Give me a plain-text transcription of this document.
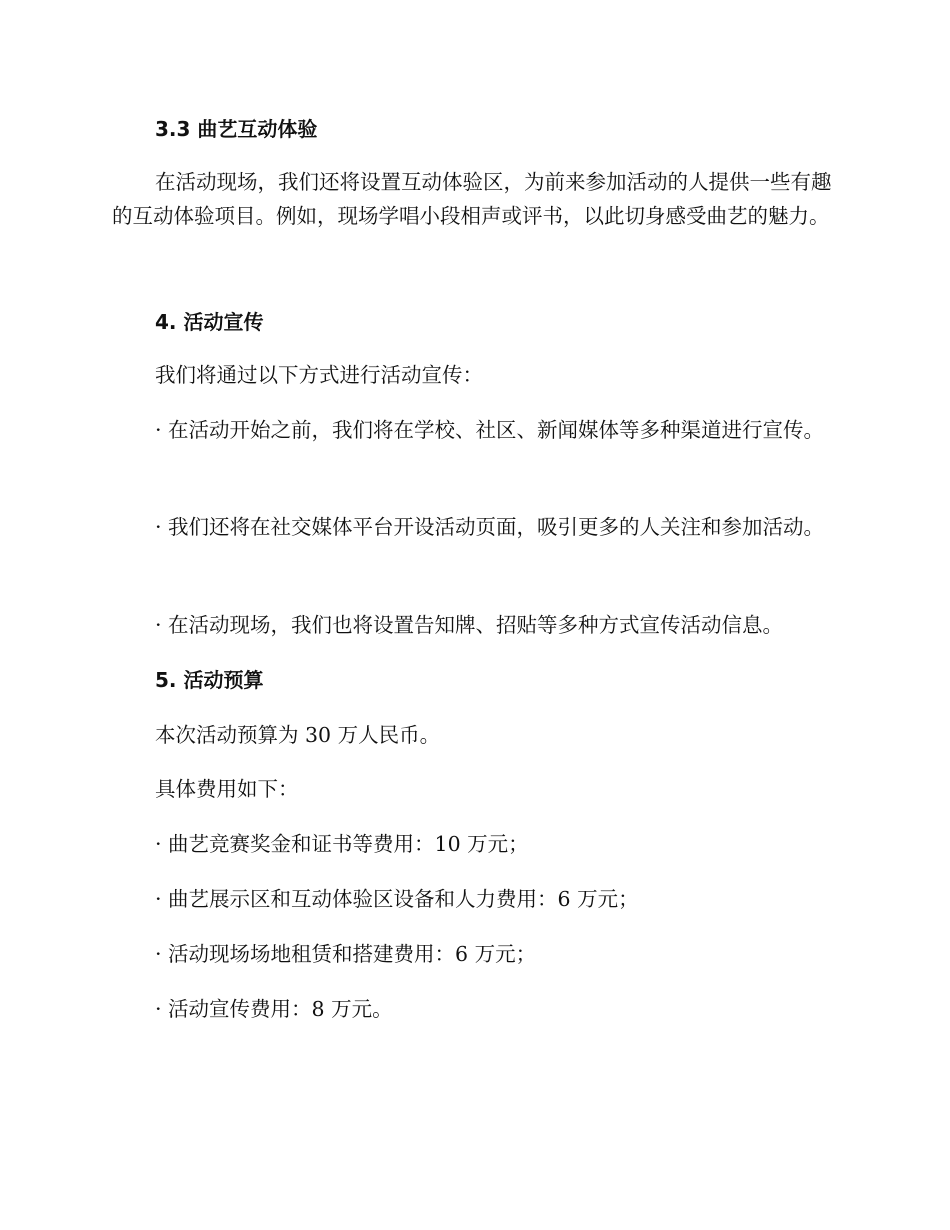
3.3 曲艺互动体验

在活动现场，我们还将设置互动体验区，为前来参加活动的人提供一些有趣的互动体验项目。例如，现场学唱小段相声或评书，以此切身感受曲艺的魅力。

4. 活动宣传

我们将通过以下方式进行活动宣传：

· 在活动开始之前，我们将在学校、社区、新闻媒体等多种渠道进行宣传。

· 我们还将在社交媒体平台开设活动页面，吸引更多的人关注和参加活动。

· 在活动现场，我们也将设置告知牌、招贴等多种方式宣传活动信息。

5. 活动预算

本次活动预算为 30 万人民币。

具体费用如下：

· 曲艺竞赛奖金和证书等费用：10 万元；

· 曲艺展示区和互动体验区设备和人力费用：6 万元；

· 活动现场场地租赁和搭建费用：6 万元；

· 活动宣传费用：8 万元。
